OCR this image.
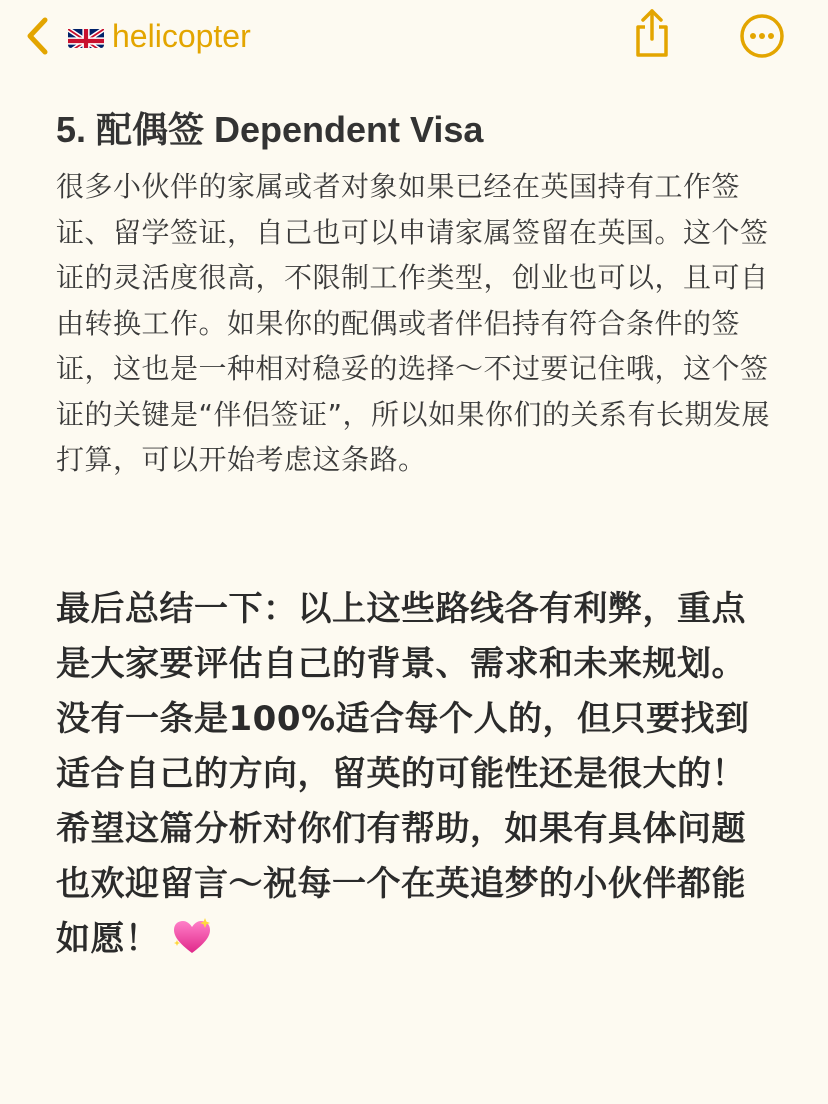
helicopter
5. 配偶签 Dependent Visa

很多小伙伴的家属或者对象如果已经在英国持有工作签证、留学签证，自己也可以申请家属签留在英国。这个签证的灵活度很高，不限制工作类型，创业也可以，且可自由转换工作。如果你的配偶或者伴侣持有符合条件的签证，这也是一种相对稳妥的选择～不过要记住哦，这个签证的关键是“伴侣签证”，所以如果你们的关系有长期发展打算，可以开始考虑这条路。

最后总结一下：以上这些路线各有利弊，重点是大家要评估自己的背景、需求和未来规划。没有一条是100%适合每个人的，但只要找到适合自己的方向，留英的可能性还是很大的！希望这篇分析对你们有帮助，如果有具体问题也欢迎留言～祝每一个在英追梦的小伙伴都能如愿！
